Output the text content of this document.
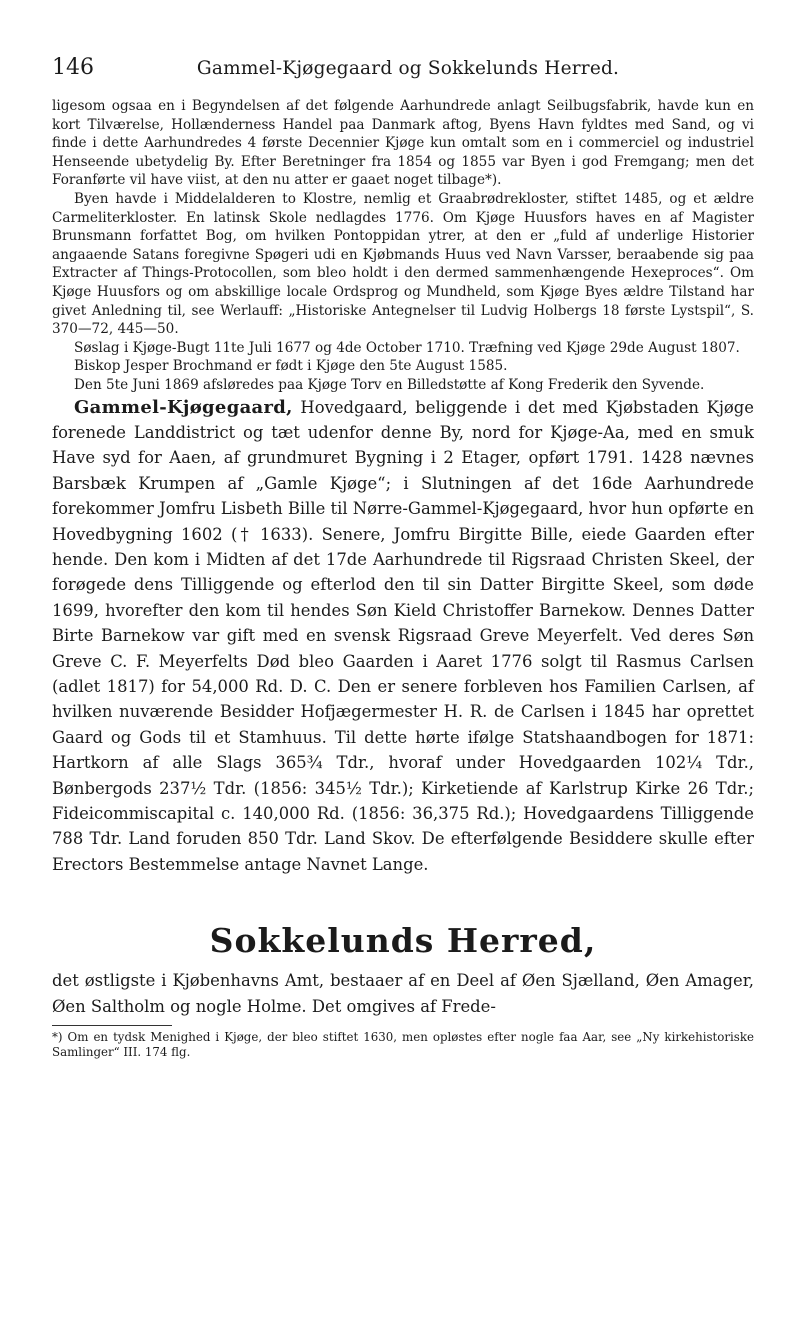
146	Gammel-Kjøgegaard og Sokkelunds Herred.

ligesom ogsaa en i Begyndelsen af det følgende Aarhundrede anlagt Seilbugsfabrik, havde kun en kort Tilværelse, Hollænderness Handel paa Danmark aftog, Byens Havn fyldtes med Sand, og vi finde i dette Aarhundredes 4 første Decennier Kjøge kun omtalt som en i commerciel og industriel Henseende ubetydelig By. Efter Beretninger fra 1854 og 1855 var Byen i god Fremgang; men det Foranførte vil have viist, at den nu atter er gaaet noget tilbage*).

Byen havde i Middelalderen to Klostre, nemlig et Graabrødrekloster, stiftet 1485, og et ældre Carmeliterkloster. En latinsk Skole nedlagdes 1776. Om Kjøge Huusfors haves en af Magister Brunsmann forfattet Bog, om hvilken Pontoppidan ytrer, at den er „fuld af underlige Historier angaaende Satans foregivne Spøgeri udi en Kjøbmands Huus ved Navn Varsser, beraabende sig paa Extracter af Things-Protocollen, som bleo holdt i den dermed sammenhængende Hexeproces“. Om Kjøge Huusfors og om abskillige locale Ordsprog og Mundheld, som Kjøge Byes ældre Tilstand har givet Anledning til, see Werlauff: „Historiske Antegnelser til Ludvig Holbergs 18 første Lystspil“, S. 370—72, 445—50.

Søslag i Kjøge-Bugt 11te Juli 1677 og 4de October 1710. Træfning ved Kjøge 29de August 1807.

Biskop Jesper Brochmand er født i Kjøge den 5te August 1585.

Den 5te Juni 1869 afsløredes paa Kjøge Torv en Billedstøtte af Kong Frederik den Syvende.

Gammel-Kjøgegaard, Hovedgaard, beliggende i det med Kjøbstaden Kjøge forenede Landdistrict og tæt udenfor denne By, nord for Kjøge-Aa, med en smuk Have syd for Aaen, af grundmuret Bygning i 2 Etager, opført 1791. 1428 nævnes Barsbæk Krumpen af „Gamle Kjøge“; i Slutningen af det 16de Aarhundrede forekommer Jomfru Lisbeth Bille til Nørre-Gammel-Kjøgegaard, hvor hun opførte en Hovedbygning 1602 († 1633). Senere, Jomfru Birgitte Bille, eiede Gaarden efter hende. Den kom i Midten af det 17de Aarhundrede til Rigsraad Christen Skeel, der forøgede dens Tilliggende og efterlod den til sin Datter Birgitte Skeel, som døde 1699, hvorefter den kom til hendes Søn Kield Christoffer Barnekow. Dennes Datter Birte Barnekow var gift med en svensk Rigsraad Greve Meyerfelt. Ved deres Søn Greve C. F. Meyerfelts Død bleo Gaarden i Aaret 1776 solgt til Rasmus Carlsen (adlet 1817) for 54,000 Rd. D. C. Den er senere forbleven hos Familien Carlsen, af hvilken nuværende Besidder Hofjægermester H. R. de Carlsen i 1845 har oprettet Gaard og Gods til et Stamhuus. Til dette hørte ifølge Statshaandbogen for 1871: Hartkorn af alle Slags 365¾ Tdr., hvoraf under Hovedgaarden 102¼ Tdr., Bønbergods 237½ Tdr. (1856: 345½ Tdr.); Kirketiende af Karlstrup Kirke 26 Tdr.; Fideicommiscapital c. 140,000 Rd. (1856: 36,375 Rd.); Hovedgaardens Tilliggende 788 Tdr. Land foruden 850 Tdr. Land Skov. De efterfølgende Besiddere skulle efter Erectors Bestemmelse antage Navnet Lange.

Sokkelunds Herred,

det østligste i Kjøbenhavns Amt, bestaaer af en Deel af Øen Sjælland, Øen Amager, Øen Saltholm og nogle Holme. Det omgives af Frede-

*) Om en tydsk Menighed i Kjøge, der bleo stiftet 1630, men opløstes efter nogle faa Aar, see „Ny kirkehistoriske Samlinger“ III. 174 flg.
